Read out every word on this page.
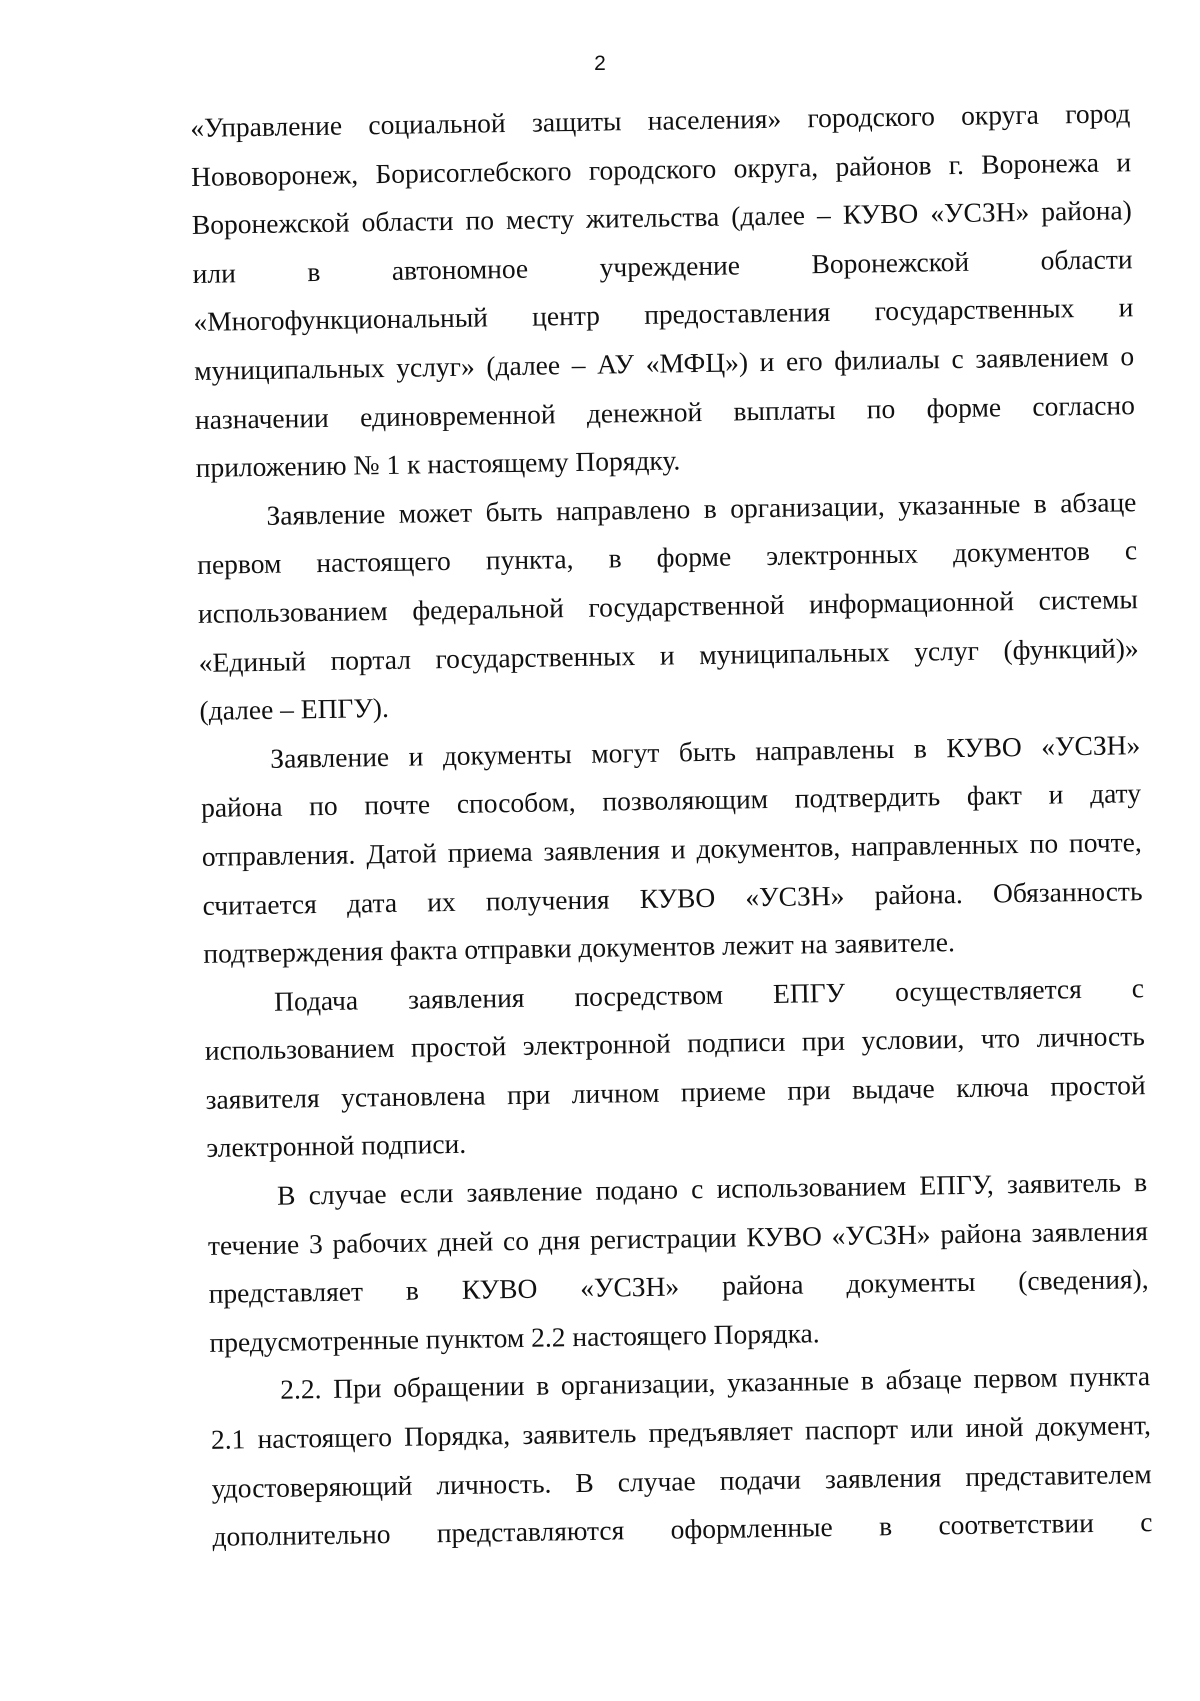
2
«Управление социальной защиты населения» городского округа город
Нововоронеж, Борисоглебского городского округа, районов г. Воронежа и
Воронежской области по месту жительства (далее – КУВО «УСЗН» района)
или в автономное учреждение Воронежской области
«Многофункциональный центр предоставления государственных и
муниципальных услуг» (далее – АУ «МФЦ») и его филиалы с заявлением о
назначении единовременной денежной выплаты по форме согласно
приложению № 1 к настоящему Порядку.
Заявление может быть направлено в организации, указанные в абзаце
первом настоящего пункта, в форме электронных документов с
использованием федеральной государственной информационной системы
«Единый портал государственных и муниципальных услуг (функций)»
(далее – ЕПГУ).
Заявление и документы могут быть направлены в КУВО «УСЗН»
района по почте способом, позволяющим подтвердить факт и дату
отправления. Датой приема заявления и документов, направленных по почте,
считается дата их получения КУВО «УСЗН» района. Обязанность
подтверждения факта отправки документов лежит на заявителе.
Подача заявления посредством ЕПГУ осуществляется с
использованием простой электронной подписи при условии, что личность
заявителя установлена при личном приеме при выдаче ключа простой
электронной подписи.
В случае если заявление подано с использованием ЕПГУ, заявитель в
течение 3 рабочих дней со дня регистрации КУВО «УСЗН» района заявления
представляет в КУВО «УСЗН» района документы (сведения),
предусмотренные пунктом 2.2 настоящего Порядка.
2.2. При обращении в организации, указанные в абзаце первом пункта
2.1 настоящего Порядка, заявитель предъявляет паспорт или иной документ,
удостоверяющий личность. В случае подачи заявления представителем
дополнительно представляются оформленные в соответствии с
